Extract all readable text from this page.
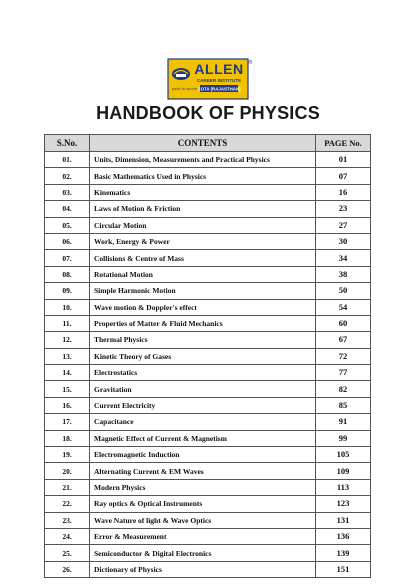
path to success
ALLEN
CAREER INSTITUTE
KOTA (RAJASTHAN)
®
HANDBOOK OF PHYSICS
S.No.	CONTENTS	PAGE No.
01.	Units, Dimension, Measurements and Practical Physics	01
02.	Basic Mathematics Used in Physics	07
03.	Kinematics	16
04.	Laws of Motion & Friction	23
05.	Circular Motion	27
06.	Work, Energy & Power	30
07.	Collisions & Centre of Mass	34
08.	Rotational Motion	38
09.	Simple Harmonic Motion	50
10.	Wave motion & Doppler's effect	54
11.	Properties of Matter & Fluid Mechanics	60
12.	Thermal Physics	67
13.	Kinetic Theory of Gases	72
14.	Electrostatics	77
15.	Gravitation	82
16.	Current Electricity	85
17.	Capacitance	91
18.	Magnetic Effect of Current & Magnetism	99
19.	Electromagnetic Induction	105
20.	Alternating Current & EM Waves	109
21.	Modern Physics	113
22.	Ray optics & Optical Instruments	123
23.	Wave Nature of light & Wave Optics	131
24.	Error & Measurement	136
25.	Semiconductor & Digital Electronics	139
26.	Dictionary of Physics	151
